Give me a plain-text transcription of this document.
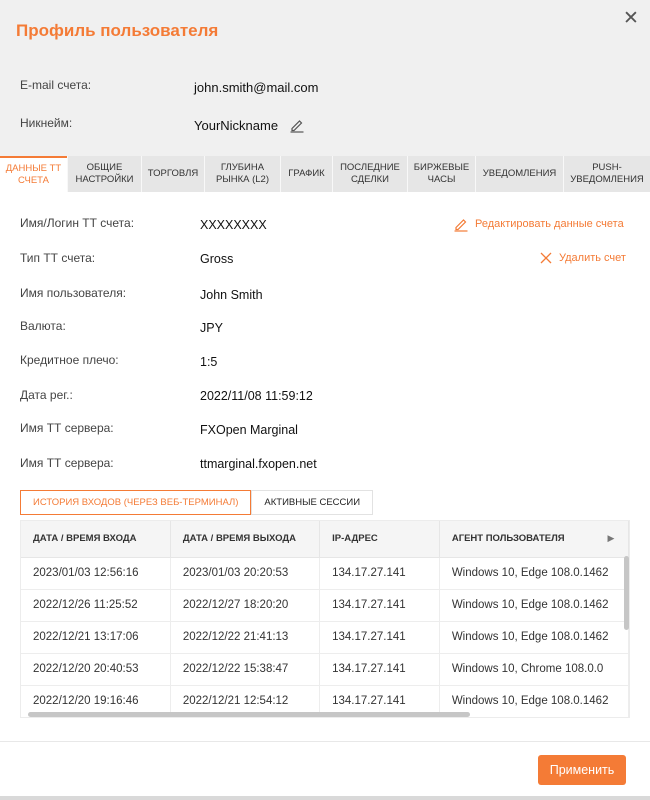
Профиль пользователя
✕
E-mail счета:	john.smith@mail.com
Никнейм:	YourNickname
ДАННЫЕ ТТ СЧЕТА
ОБЩИЕ НАСТРОЙКИ
ТОРГОВЛЯ
ГЛУБИНА РЫНКА (L2)
ГРАФИК
ПОСЛЕДНИЕ СДЕЛКИ
БИРЖЕВЫЕ ЧАСЫ
УВЕДОМЛЕНИЯ
PUSH-УВЕДОМЛЕНИЯ
Имя/Логин ТТ счета:	XXXXXXXX
Тип ТТ счета:	Gross
Имя пользователя:	John Smith
Валюта:	JPY
Кредитное плечо:	1:5
Дата рег.:	2022/11/08 11:59:12
Имя ТТ сервера:	FXOpen Marginal
Имя ТТ сервера:	ttmarginal.fxopen.net
Редактировать данные счета
Удалить счет
ИСТОРИЯ ВХОДОВ (ЧЕРЕЗ ВЕБ-ТЕРМИНАЛ)	АКТИВНЫЕ СЕССИИ
ДАТА / ВРЕМЯ ВХОДА	ДАТА / ВРЕМЯ ВЫХОДА	IP-АДРЕС	АГЕНТ ПОЛЬЗОВАТЕЛЯ
2023/01/03 12:56:16	2023/01/03 20:20:53	134.17.27.141	Windows 10, Edge 108.0.1462
2022/12/26 11:25:52	2022/12/27 18:20:20	134.17.27.141	Windows 10, Edge 108.0.1462
2022/12/21 13:17:06	2022/12/22 21:41:13	134.17.27.141	Windows 10, Edge 108.0.1462
2022/12/20 20:40:53	2022/12/22 15:38:47	134.17.27.141	Windows 10, Chrome 108.0.0
2022/12/20 19:16:46	2022/12/21 12:54:12	134.17.27.141	Windows 10, Edge 108.0.1462
▶
Применить
